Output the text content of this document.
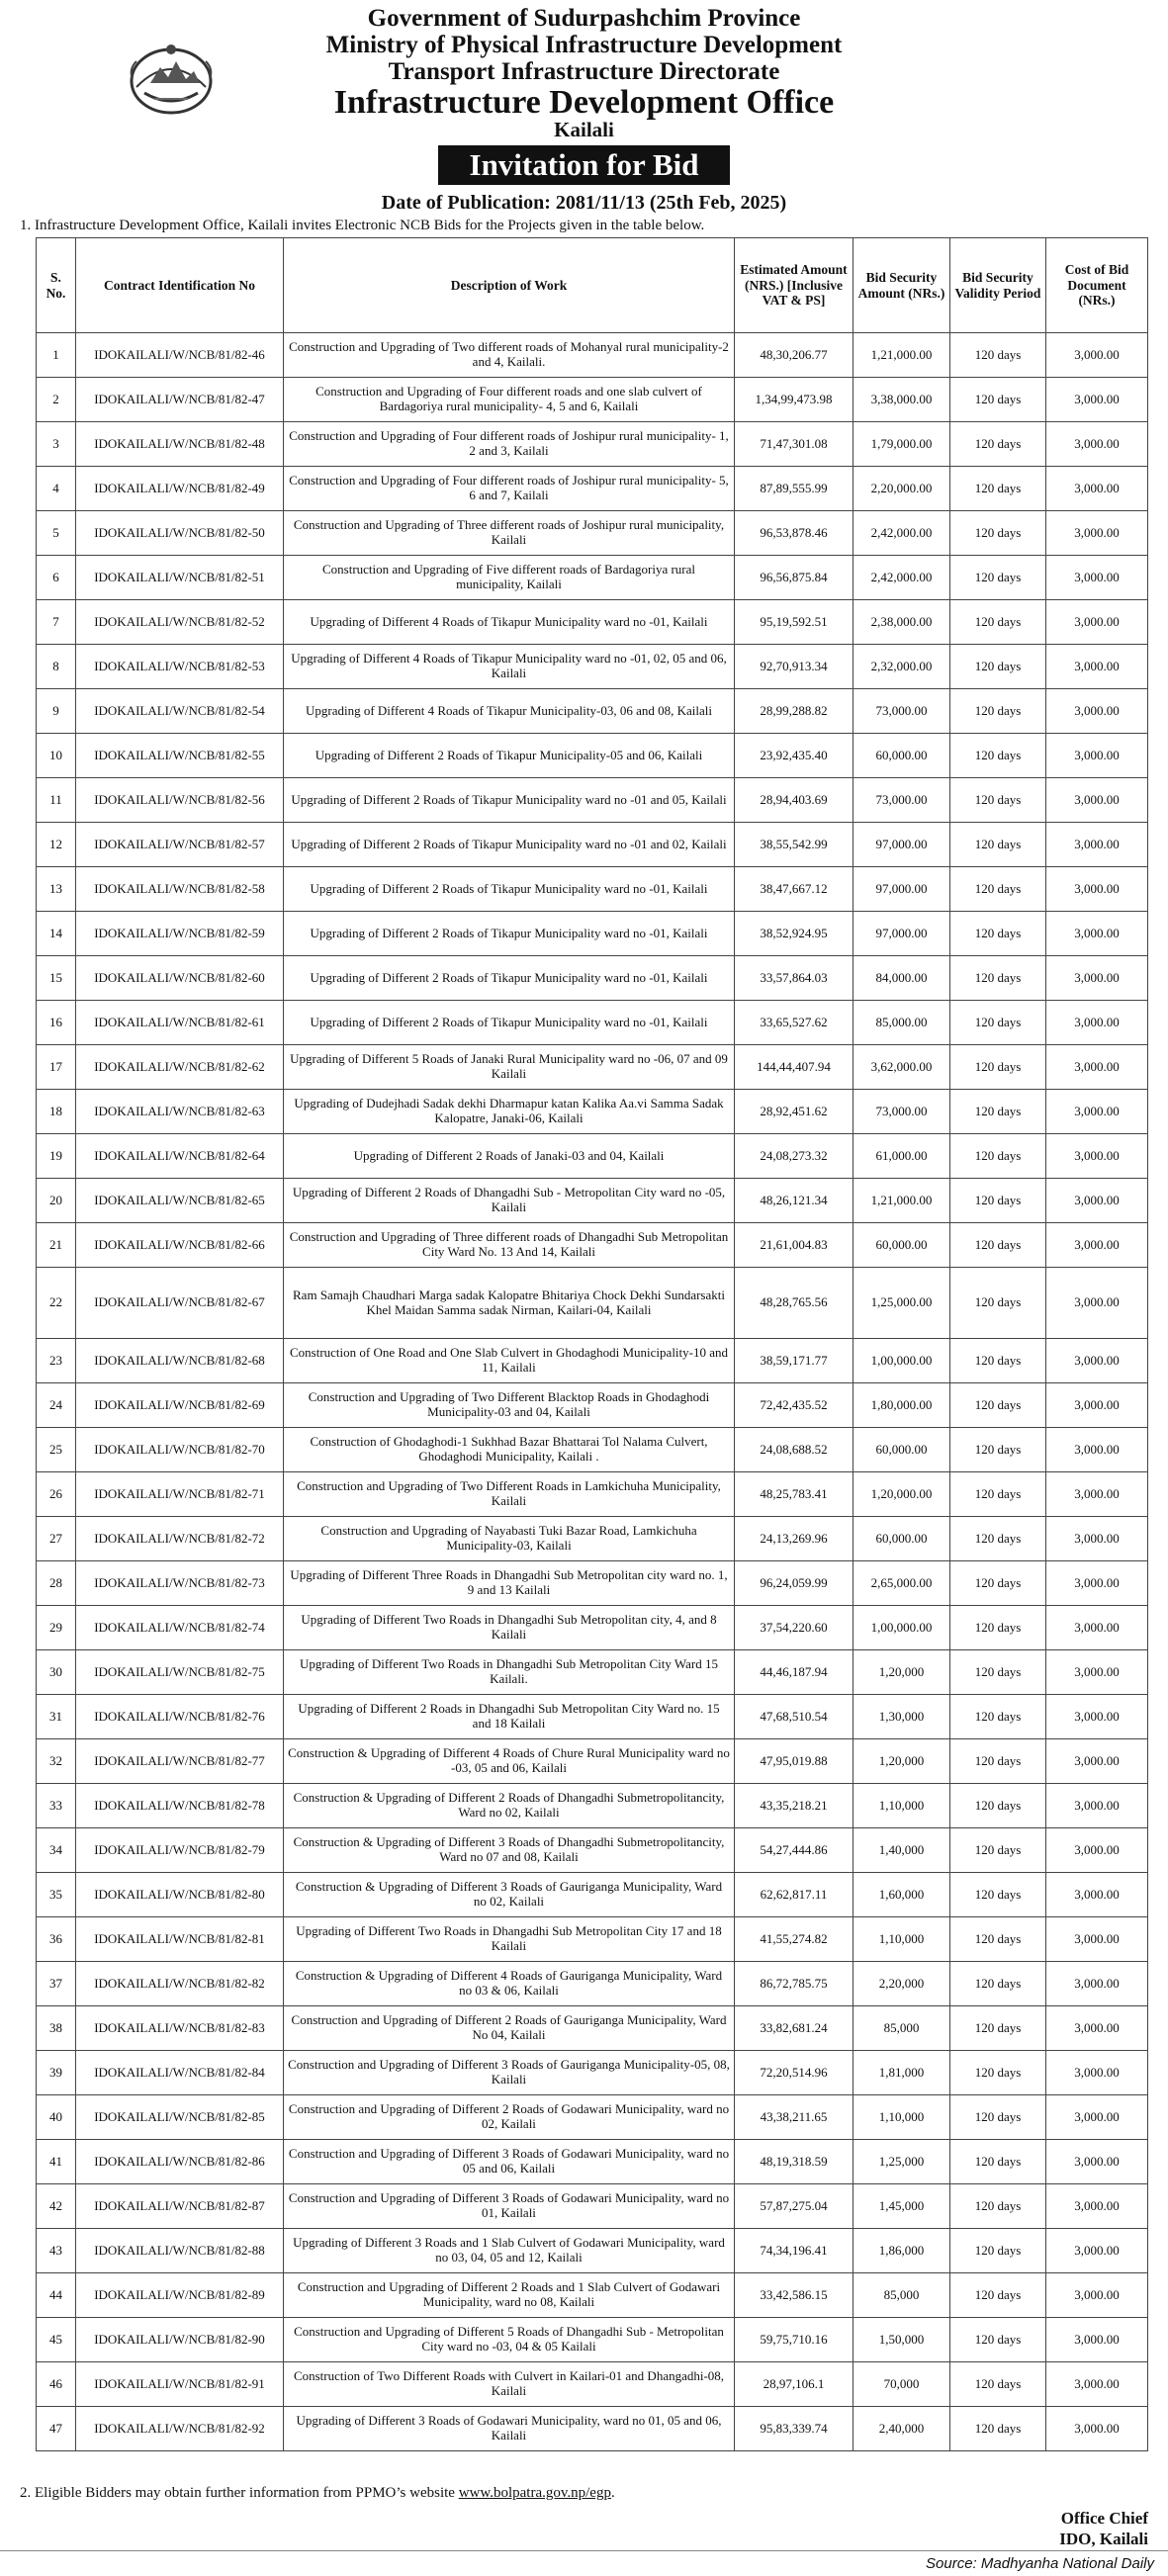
Government of Sudurpashchim Province
Ministry of Physical Infrastructure Development
Transport Infrastructure Directorate
Infrastructure Development Office
Kailali
Invitation for Bid
Date of Publication: 2081/11/13 (25th Feb, 2025)
1. Infrastructure Development Office, Kailali invites Electronic NCB Bids for the Projects given in the table below.
S. No.	Contract Identification No	Description of Work	Estimated Amount (NRS.) [Inclusive VAT & PS]	Bid Security Amount (NRs.)	Bid Security Validity Period	Cost of Bid Document (NRs.)
1	IDOKAILALI/W/NCB/81/82-46	Construction and Upgrading of Two different roads of Mohanyal rural municipality-2 and 4, Kailali.	48,30,206.77	1,21,000.00	120 days	3,000.00
2	IDOKAILALI/W/NCB/81/82-47	Construction and Upgrading of Four different roads and one slab culvert of Bardagoriya rural municipality- 4, 5 and 6, Kailali	1,34,99,473.98	3,38,000.00	120 days	3,000.00
3	IDOKAILALI/W/NCB/81/82-48	Construction and Upgrading of Four different roads of Joshipur rural municipality- 1, 2 and 3, Kailali	71,47,301.08	1,79,000.00	120 days	3,000.00
4	IDOKAILALI/W/NCB/81/82-49	Construction and Upgrading of Four different roads of Joshipur rural municipality- 5, 6 and 7, Kailali	87,89,555.99	2,20,000.00	120 days	3,000.00
5	IDOKAILALI/W/NCB/81/82-50	Construction and Upgrading of Three different roads of Joshipur rural municipality, Kailali	96,53,878.46	2,42,000.00	120 days	3,000.00
6	IDOKAILALI/W/NCB/81/82-51	Construction and Upgrading of Five different roads of Bardagoriya rural municipality, Kailali	96,56,875.84	2,42,000.00	120 days	3,000.00
7	IDOKAILALI/W/NCB/81/82-52	Upgrading of Different 4 Roads of Tikapur Municipality ward no -01, Kailali	95,19,592.51	2,38,000.00	120 days	3,000.00
8	IDOKAILALI/W/NCB/81/82-53	Upgrading of Different 4 Roads of Tikapur Municipality ward no -01, 02, 05 and 06, Kailali	92,70,913.34	2,32,000.00	120 days	3,000.00
9	IDOKAILALI/W/NCB/81/82-54	Upgrading of Different 4 Roads of Tikapur Municipality-03, 06 and 08, Kailali	28,99,288.82	73,000.00	120 days	3,000.00
10	IDOKAILALI/W/NCB/81/82-55	Upgrading of Different 2 Roads of Tikapur Municipality-05 and 06, Kailali	23,92,435.40	60,000.00	120 days	3,000.00
11	IDOKAILALI/W/NCB/81/82-56	Upgrading of Different 2 Roads of Tikapur Municipality ward no -01 and 05, Kailali	28,94,403.69	73,000.00	120 days	3,000.00
12	IDOKAILALI/W/NCB/81/82-57	Upgrading of Different 2 Roads of Tikapur Municipality ward no -01 and 02, Kailali	38,55,542.99	97,000.00	120 days	3,000.00
13	IDOKAILALI/W/NCB/81/82-58	Upgrading of Different 2 Roads of Tikapur Municipality ward no -01, Kailali	38,47,667.12	97,000.00	120 days	3,000.00
14	IDOKAILALI/W/NCB/81/82-59	Upgrading of Different 2 Roads of Tikapur Municipality ward no -01, Kailali	38,52,924.95	97,000.00	120 days	3,000.00
15	IDOKAILALI/W/NCB/81/82-60	Upgrading of Different 2 Roads of Tikapur Municipality ward no -01, Kailali	33,57,864.03	84,000.00	120 days	3,000.00
16	IDOKAILALI/W/NCB/81/82-61	Upgrading of Different 2 Roads of Tikapur Municipality ward no -01, Kailali	33,65,527.62	85,000.00	120 days	3,000.00
17	IDOKAILALI/W/NCB/81/82-62	Upgrading of Different 5 Roads of Janaki Rural Municipality ward no -06, 07 and 09 Kailali	144,44,407.94	3,62,000.00	120 days	3,000.00
18	IDOKAILALI/W/NCB/81/82-63	Upgrading of Dudejhadi Sadak dekhi Dharmapur katan Kalika Aa.vi Samma Sadak Kalopatre, Janaki-06, Kailali	28,92,451.62	73,000.00	120 days	3,000.00
19	IDOKAILALI/W/NCB/81/82-64	Upgrading of Different 2 Roads of Janaki-03 and 04, Kailali	24,08,273.32	61,000.00	120 days	3,000.00
20	IDOKAILALI/W/NCB/81/82-65	Upgrading of Different 2 Roads of Dhangadhi Sub - Metropolitan City ward no -05, Kailali	48,26,121.34	1,21,000.00	120 days	3,000.00
21	IDOKAILALI/W/NCB/81/82-66	Construction and Upgrading of Three different roads of Dhangadhi Sub Metropolitan City Ward No. 13 And 14, Kailali	21,61,004.83	60,000.00	120 days	3,000.00
22	IDOKAILALI/W/NCB/81/82-67	Ram Samajh Chaudhari Marga sadak Kalopatre Bhitariya Chock Dekhi Sundarsakti Khel Maidan Samma sadak Nirman, Kailari-04, Kailali	48,28,765.56	1,25,000.00	120 days	3,000.00
23	IDOKAILALI/W/NCB/81/82-68	Construction of One Road and One Slab Culvert in Ghodaghodi Municipality-10 and 11, Kailali	38,59,171.77	1,00,000.00	120 days	3,000.00
24	IDOKAILALI/W/NCB/81/82-69	Construction and Upgrading of Two Different Blacktop Roads in Ghodaghodi Municipality-03 and 04, Kailali	72,42,435.52	1,80,000.00	120 days	3,000.00
25	IDOKAILALI/W/NCB/81/82-70	Construction of Ghodaghodi-1 Sukhhad Bazar Bhattarai Tol Nalama Culvert, Ghodaghodi Municipality, Kailali .	24,08,688.52	60,000.00	120 days	3,000.00
26	IDOKAILALI/W/NCB/81/82-71	Construction and Upgrading of Two Different Roads in Lamkichuha Municipality, Kailali	48,25,783.41	1,20,000.00	120 days	3,000.00
27	IDOKAILALI/W/NCB/81/82-72	Construction and Upgrading of Nayabasti Tuki Bazar Road, Lamkichuha Municipality-03, Kailali	24,13,269.96	60,000.00	120 days	3,000.00
28	IDOKAILALI/W/NCB/81/82-73	Upgrading of Different Three Roads in Dhangadhi Sub Metropolitan city ward no. 1, 9 and 13 Kailali	96,24,059.99	2,65,000.00	120 days	3,000.00
29	IDOKAILALI/W/NCB/81/82-74	Upgrading of Different Two Roads in Dhangadhi Sub Metropolitan city, 4, and 8 Kailali	37,54,220.60	1,00,000.00	120 days	3,000.00
30	IDOKAILALI/W/NCB/81/82-75	Upgrading of Different Two Roads in Dhangadhi Sub Metropolitan City Ward 15 Kailali.	44,46,187.94	1,20,000	120 days	3,000.00
31	IDOKAILALI/W/NCB/81/82-76	Upgrading of Different 2 Roads in Dhangadhi Sub Metropolitan City Ward no. 15 and 18 Kailali	47,68,510.54	1,30,000	120 days	3,000.00
32	IDOKAILALI/W/NCB/81/82-77	Construction & Upgrading of Different 4 Roads of Chure Rural Municipality ward no -03, 05 and 06, Kailali	47,95,019.88	1,20,000	120 days	3,000.00
33	IDOKAILALI/W/NCB/81/82-78	Construction & Upgrading of Different 2 Roads of Dhangadhi Submetropolitancity, Ward no 02, Kailali	43,35,218.21	1,10,000	120 days	3,000.00
34	IDOKAILALI/W/NCB/81/82-79	Construction & Upgrading of Different 3 Roads of Dhangadhi Submetropolitancity, Ward no 07 and 08, Kailali	54,27,444.86	1,40,000	120 days	3,000.00
35	IDOKAILALI/W/NCB/81/82-80	Construction & Upgrading of Different 3 Roads of Gauriganga Municipality, Ward no 02, Kailali	62,62,817.11	1,60,000	120 days	3,000.00
36	IDOKAILALI/W/NCB/81/82-81	Upgrading of Different Two Roads in Dhangadhi Sub Metropolitan City 17 and 18 Kailali	41,55,274.82	1,10,000	120 days	3,000.00
37	IDOKAILALI/W/NCB/81/82-82	Construction & Upgrading of Different 4 Roads of Gauriganga Municipality, Ward no 03 & 06, Kailali	86,72,785.75	2,20,000	120 days	3,000.00
38	IDOKAILALI/W/NCB/81/82-83	Construction and Upgrading of Different 2 Roads of Gauriganga Municipality, Ward No 04, Kailali	33,82,681.24	85,000	120 days	3,000.00
39	IDOKAILALI/W/NCB/81/82-84	Construction and Upgrading of Different 3 Roads of Gauriganga Municipality-05, 08, Kailali	72,20,514.96	1,81,000	120 days	3,000.00
40	IDOKAILALI/W/NCB/81/82-85	Construction and Upgrading of Different 2 Roads of Godawari Municipality, ward no 02, Kailali	43,38,211.65	1,10,000	120 days	3,000.00
41	IDOKAILALI/W/NCB/81/82-86	Construction and Upgrading of Different 3 Roads of Godawari Municipality, ward no 05 and 06, Kailali	48,19,318.59	1,25,000	120 days	3,000.00
42	IDOKAILALI/W/NCB/81/82-87	Construction and Upgrading of Different 3 Roads of Godawari Municipality, ward no 01, Kailali	57,87,275.04	1,45,000	120 days	3,000.00
43	IDOKAILALI/W/NCB/81/82-88	Upgrading of Different 3 Roads and 1 Slab Culvert of Godawari Municipality, ward no 03, 04, 05 and 12, Kailali	74,34,196.41	1,86,000	120 days	3,000.00
44	IDOKAILALI/W/NCB/81/82-89	Construction and Upgrading of Different 2 Roads and 1 Slab Culvert of Godawari Municipality, ward no 08, Kailali	33,42,586.15	85,000	120 days	3,000.00
45	IDOKAILALI/W/NCB/81/82-90	Construction and Upgrading of Different 5 Roads of Dhangadhi Sub - Metropolitan City ward no -03, 04 & 05 Kailali	59,75,710.16	1,50,000	120 days	3,000.00
46	IDOKAILALI/W/NCB/81/82-91	Construction of Two Different Roads with Culvert in Kailari-01 and Dhangadhi-08, Kailali	28,97,106.1	70,000	120 days	3,000.00
47	IDOKAILALI/W/NCB/81/82-92	Upgrading of Different 3 Roads of Godawari Municipality, ward no 01, 05 and 06, Kailali	95,83,339.74	2,40,000	120 days	3,000.00
2. Eligible Bidders may obtain further information from PPMO’s website www.bolpatra.gov.np/egp.
Office Chief
IDO, Kailali
Source: Madhyanha National Daily
